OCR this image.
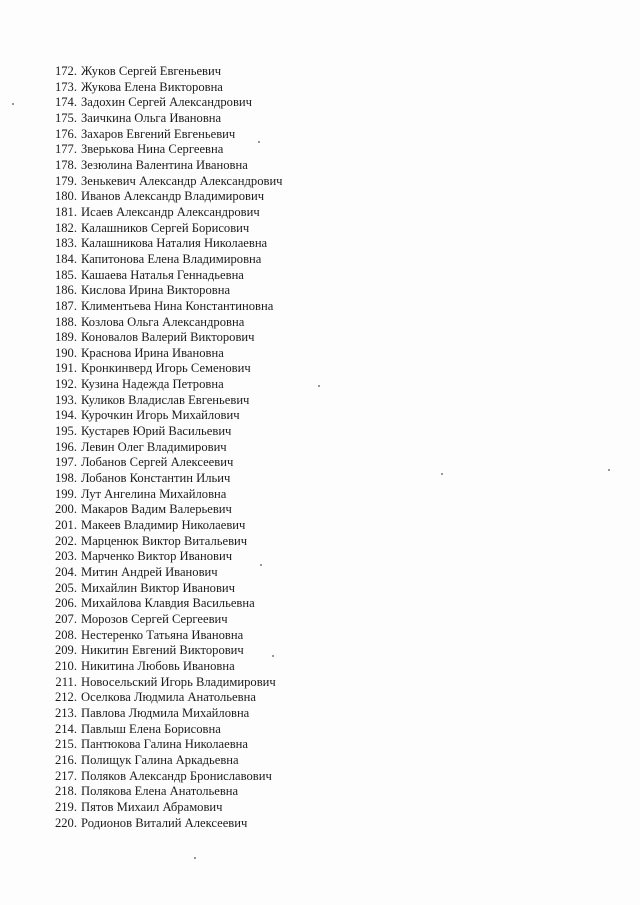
172. Жуков Сергей Евгеньевич
173. Жукова Елена Викторовна
174. Задохин Сергей Александрович
175. Заичкина Ольга Ивановна
176. Захаров Евгений Евгеньевич
177. Зверькова Нина Сергеевна
178. Зезюлина Валентина Ивановна
179. Зенькевич Александр Александрович
180. Иванов Александр Владимирович
181. Исаев Александр Александрович
182. Калашников Сергей Борисович
183. Калашникова Наталия Николаевна
184. Капитонова Елена Владимировна
185. Кашаева Наталья Геннадьевна
186. Кислова Ирина Викторовна
187. Климентьева Нина Константиновна
188. Козлова Ольга Александровна
189. Коновалов Валерий Викторович
190. Краснова Ирина Ивановна
191. Кронкинверд Игорь Семенович
192. Кузина Надежда Петровна
193. Куликов Владислав Евгеньевич
194. Курочкин Игорь Михайлович
195. Кустарев Юрий Васильевич
196. Левин Олег Владимирович
197. Лобанов Сергей Алексеевич
198. Лобанов Константин Ильич
199. Лут Ангелина Михайловна
200. Макаров Вадим Валерьевич
201. Макеев Владимир Николаевич
202. Марценюк Виктор Витальевич
203. Марченко Виктор Иванович
204. Митин Андрей Иванович
205. Михайлин Виктор Иванович
206. Михайлова Клавдия Васильевна
207. Морозов Сергей Сергеевич
208. Нестеренко Татьяна Ивановна
209. Никитин Евгений Викторович
210. Никитина Любовь Ивановна
211. Новосельский Игорь Владимирович
212. Оселкова Людмила Анатольевна
213. Павлова Людмила Михайловна
214. Павлыш Елена Борисовна
215. Пантюкова Галина Николаевна
216. Полищук Галина Аркадьевна
217. Поляков Александр Брониславович
218. Полякова Елена Анатольевна
219. Пятов Михаил Абрамович
220. Родионов Виталий Алексеевич
